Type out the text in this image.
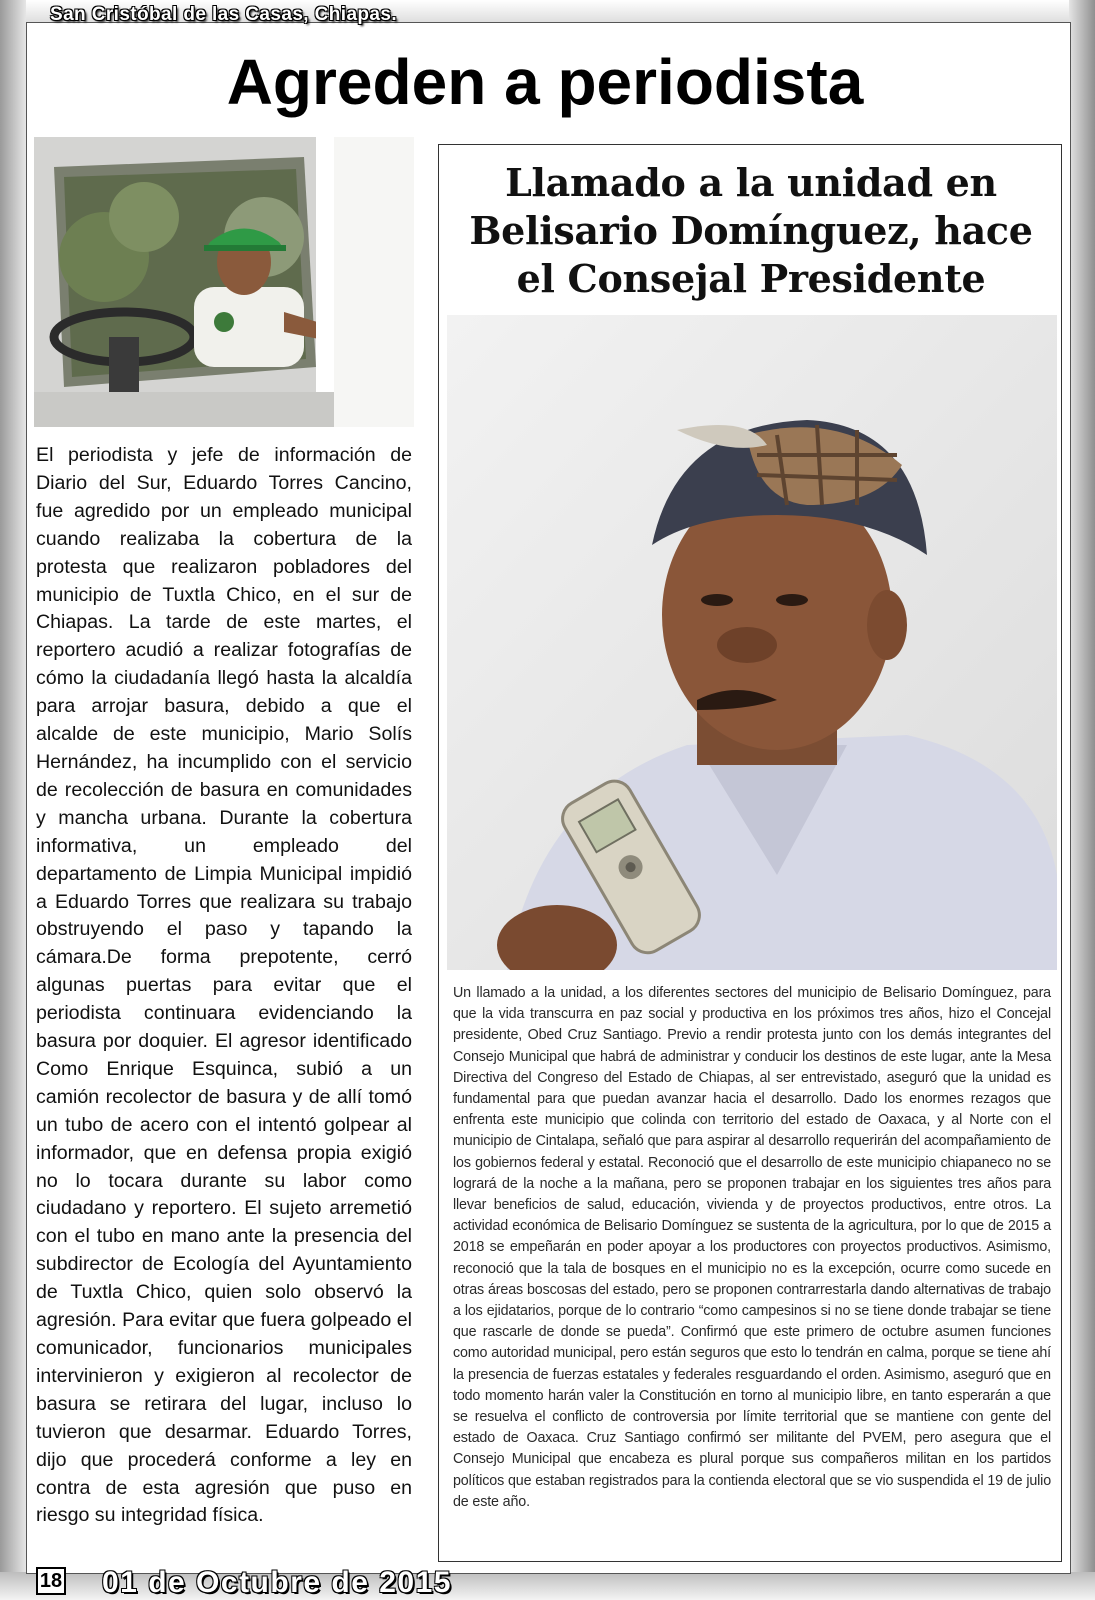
San Cristóbal de las Casas, Chiapas.
Agreden a periodista
El periodista y jefe de información de Diario del Sur, Eduardo Torres Cancino, fue agredido por un empleado municipal cuando realizaba la cobertura de la protesta que realizaron pobladores del municipio de Tuxtla Chico, en el sur de Chiapas. La tarde de este martes, el reportero acudió a realizar fotografías de cómo la ciudadanía llegó hasta la alcaldía para arrojar basura, debido a que el alcalde de este municipio, Mario Solís Hernández, ha incumplido con el servicio de recolección de basura en comunidades y mancha urbana. Durante la cobertura informativa, un empleado del departamento de Limpia Municipal impidió a Eduardo Torres que realizara su trabajo obstruyendo el paso y tapando la cámara.De forma prepotente, cerró algunas puertas para evitar que el periodista continuara evidenciando la basura por doquier. El agresor identificado Como Enrique Esquinca, subió a un camión recolector de basura y de allí tomó un tubo de acero con el intentó golpear al informador, que en defensa propia exigió no lo tocara durante su labor como ciudadano y reportero. El sujeto arremetió con el tubo en mano ante la presencia del subdirector de Ecología del Ayuntamiento de Tuxtla Chico, quien solo observó la agresión. Para evitar que fuera golpeado el comunicador, funcionarios municipales intervinieron y exigieron al recolector de basura se retirara del lugar, incluso lo tuvieron que desarmar. Eduardo Torres, dijo que procederá conforme a ley en contra de esta agresión que puso en riesgo su integridad física.
Llamado a la unidad en
Belisario Domínguez, hace
el Consejal Presidente
Un llamado a la unidad, a los diferentes sectores del municipio de Belisario Domínguez, para que la vida transcurra en paz social y productiva en los próximos tres años, hizo el Concejal presidente, Obed Cruz Santiago. Previo a rendir protesta junto con los demás integrantes del Consejo Municipal que habrá de administrar y conducir los destinos de este lugar, ante la Mesa Directiva del Congreso del Estado de Chiapas, al ser entrevistado, aseguró que la unidad es fundamental para que puedan avanzar hacia el desarrollo. Dado los enormes rezagos que enfrenta este municipio que colinda con territorio del estado de Oaxaca, y al Norte con el municipio de Cintalapa, señaló que para aspirar al desarrollo requerirán del acompañamiento de los gobiernos federal y estatal. Reconoció que el desarrollo de este municipio chiapaneco no se logrará de la noche a la mañana, pero se proponen trabajar en los siguientes tres años para llevar beneficios de salud, educación, vivienda y de proyectos productivos, entre otros. La actividad económica de Belisario Domínguez se sustenta de la agricultura, por lo que de 2015 a 2018 se empeñarán en poder apoyar a los productores con proyectos productivos. Asimismo, reconoció que la tala de bosques en el municipio no es la excepción, ocurre como sucede en otras áreas boscosas del estado, pero se proponen contrarrestarla dando alternativas de trabajo a los ejidatarios, porque de lo contrario “como campesinos si no se tiene donde trabajar se tiene que rascarle de donde se pueda”. Confirmó que este primero de octubre asumen funciones como autoridad municipal, pero están seguros que esto lo tendrán en calma, porque se tiene ahí la presencia de fuerzas estatales y federales resguardando el orden. Asimismo, aseguró que en todo momento harán valer la Constitución en torno al municipio libre, en tanto esperarán a que se resuelva el conflicto de controversia por límite territorial que se mantiene con gente del estado de Oaxaca. Cruz Santiago confirmó ser militante del PVEM, pero asegura que el Consejo Municipal que encabeza es plural porque sus compañeros militan en los partidos políticos que estaban registrados para la contienda electoral que se vio suspendida el 19 de julio de este año.
18 01 de Octubre de 2015
